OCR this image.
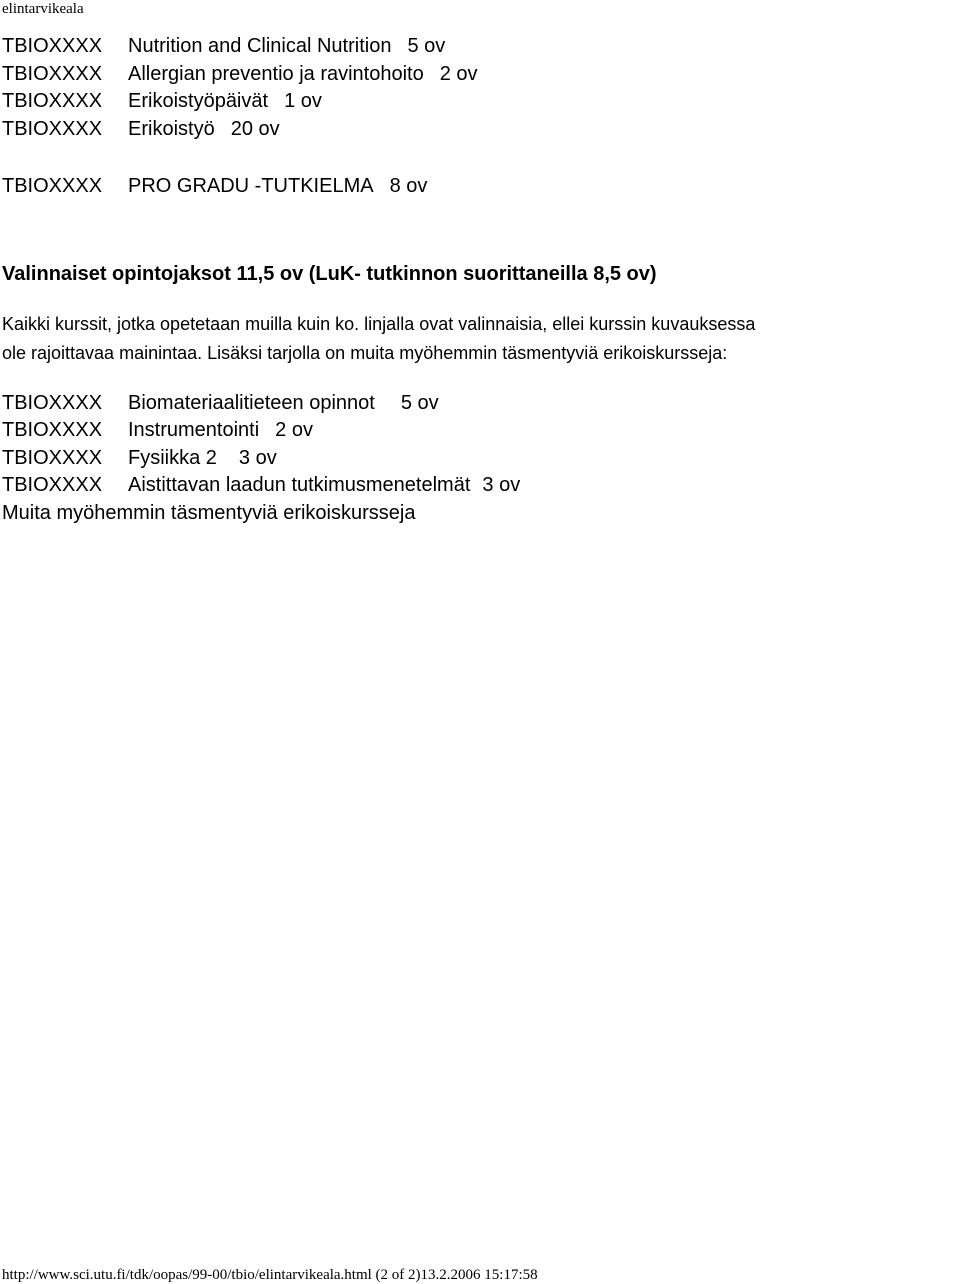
elintarvikeala
TBIOXXXX Nutrition and Clinical Nutrition 5 ov
TBIOXXXX Allergian preventio ja ravintohoito 2 ov
TBIOXXXX Erikoistyöpäivät 1 ov
TBIOXXXX Erikoistyö 20 ov
TBIOXXXX PRO GRADU -TUTKIELMA 8 ov
Valinnaiset opintojaksot 11,5 ov (LuK- tutkinnon suorittaneilla 8,5 ov)
Kaikki kurssit, jotka opetetaan muilla kuin ko. linjalla ovat valinnaisia, ellei kurssin kuvauksessa
ole rajoittavaa mainintaa. Lisäksi tarjolla on muita myöhemmin täsmentyviä erikoiskursseja:
TBIOXXXX Biomateriaalitieteen opinnot 5 ov
TBIOXXXX Instrumentointi 2 ov
TBIOXXXX Fysiikka 2 3 ov
TBIOXXXX Aistittavan laadun tutkimusmenetelmät 3 ov
Muita myöhemmin täsmentyviä erikoiskursseja
http://www.sci.utu.fi/tdk/oopas/99-00/tbio/elintarvikeala.html (2 of 2)13.2.2006 15:17:58
